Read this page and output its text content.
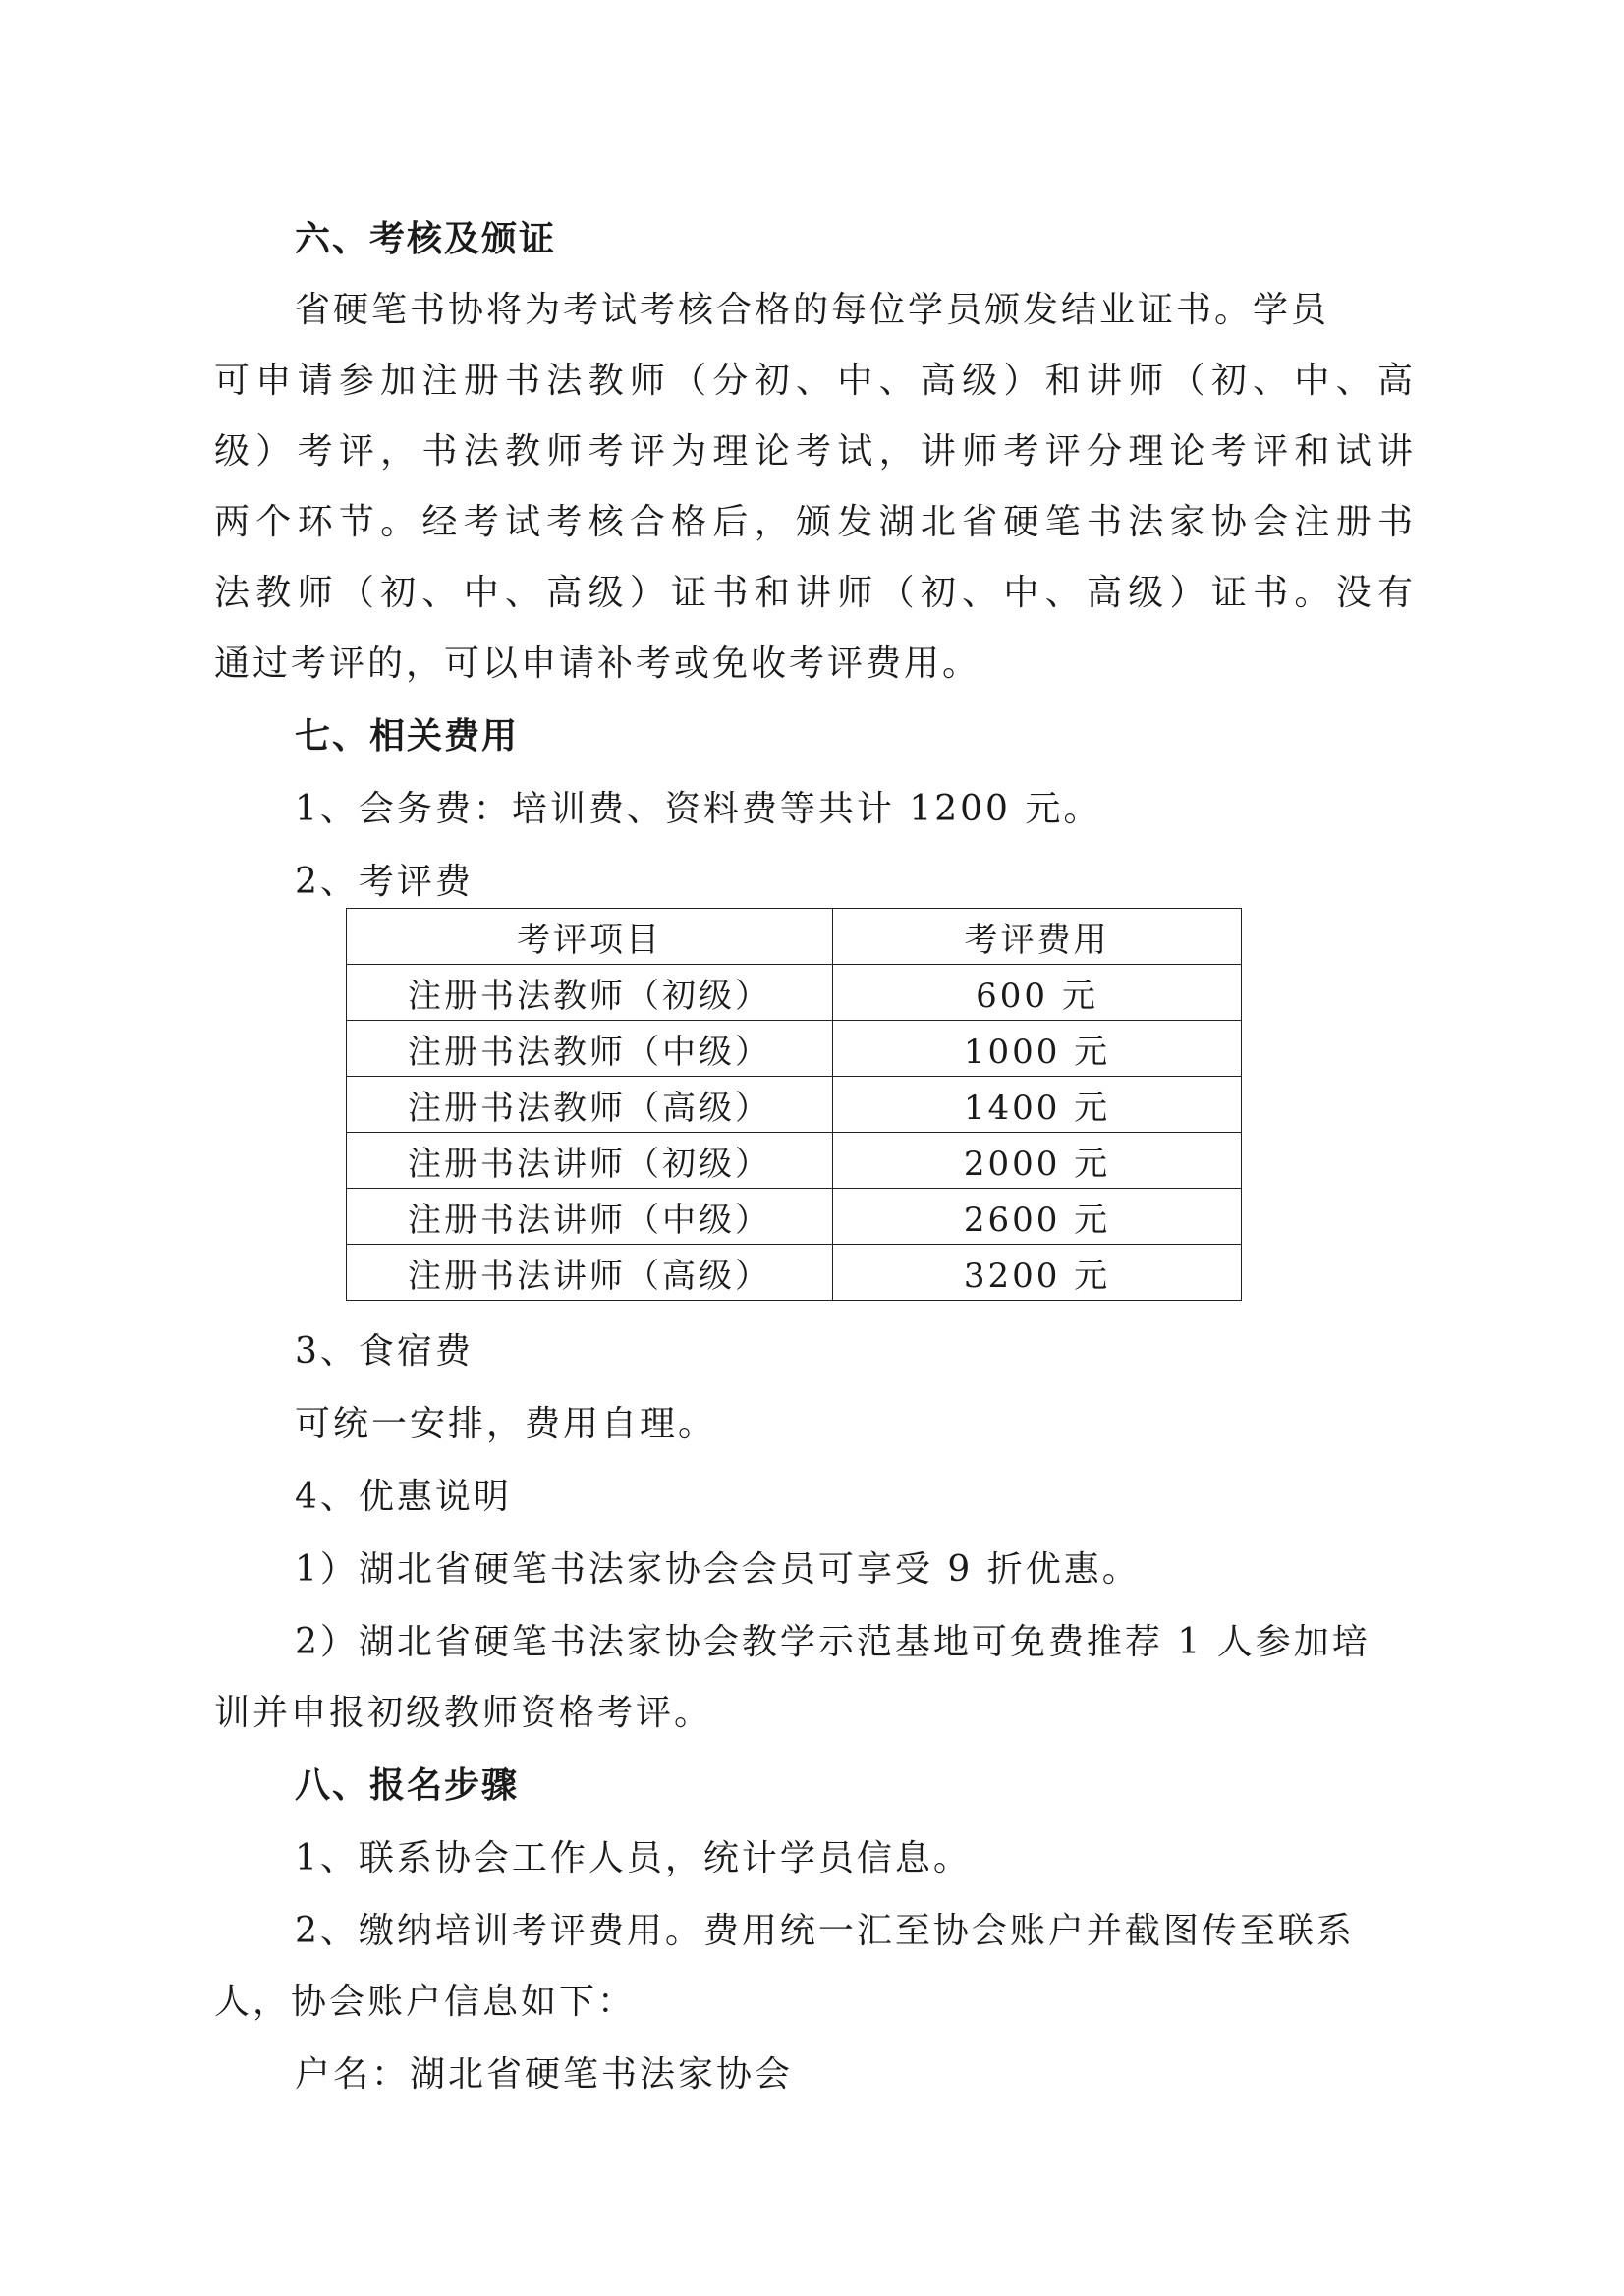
六、考核及颁证
省硬笔书协将为考试考核合格的每位学员颁发结业证书。学员
可申请参加注册书法教师（分初、中、高级）和讲师（初、中、高
级）考评，书法教师考评为理论考试，讲师考评分理论考评和试讲
两个环节。经考试考核合格后，颁发湖北省硬笔书法家协会注册书
法教师（初、中、高级）证书和讲师（初、中、高级）证书。没有
通过考评的，可以申请补考或免收考评费用。
七、相关费用
1、会务费：培训费、资料费等共计 1200 元。
2、考评费
考评项目	考评费用
注册书法教师（初级）	600 元
注册书法教师（中级）	1000 元
注册书法教师（高级）	1400 元
注册书法讲师（初级）	2000 元
注册书法讲师（中级）	2600 元
注册书法讲师（高级）	3200 元
3、食宿费
可统一安排，费用自理。
4、优惠说明
1）湖北省硬笔书法家协会会员可享受 9 折优惠。
2）湖北省硬笔书法家协会教学示范基地可免费推荐 1 人参加培
训并申报初级教师资格考评。
八、报名步骤
1、联系协会工作人员，统计学员信息。
2、缴纳培训考评费用。费用统一汇至协会账户并截图传至联系
人，协会账户信息如下：
户名：湖北省硬笔书法家协会
